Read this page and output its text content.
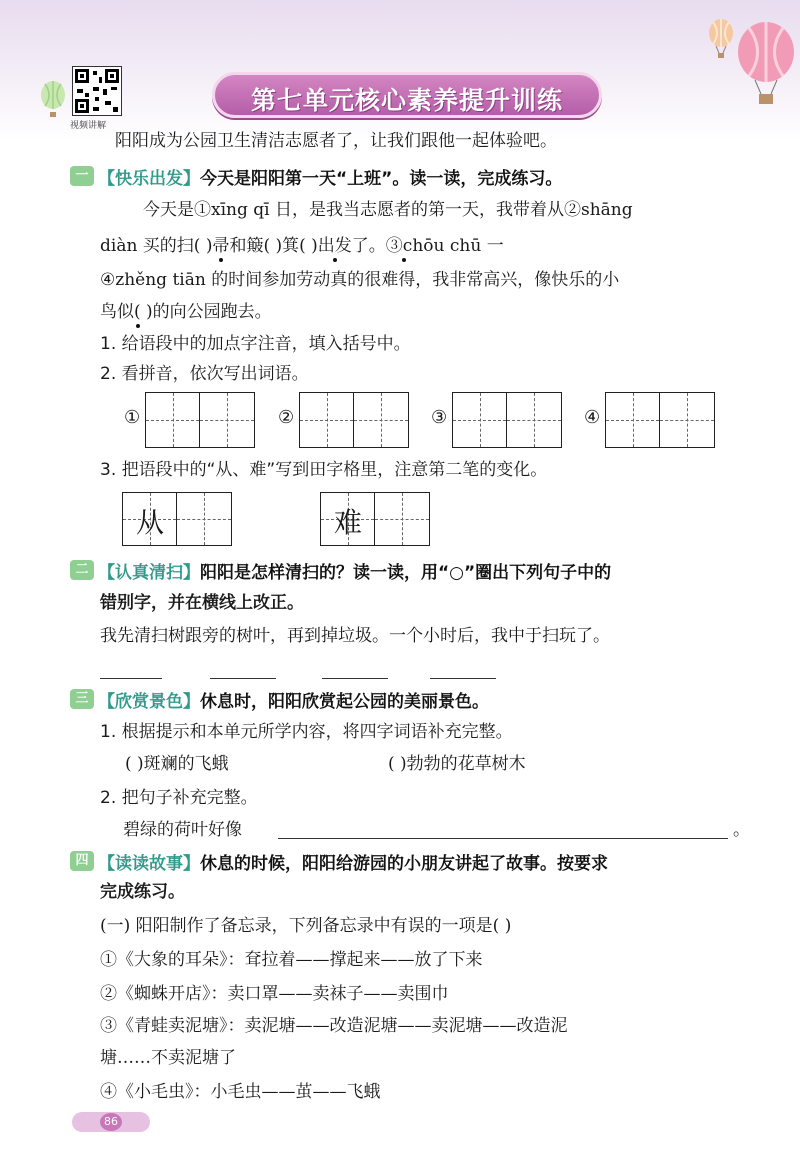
视频讲解
第七单元核心素养提升训练
阳阳成为公园卫生清洁志愿者了，让我们跟他一起体验吧。
一 【快乐出发】 今天是阳阳第一天“上班”。读一读，完成练习。
今天是①xīng qī 日，是我当志愿者的第一天，我带着从②shāng
diàn 买的扫( )帚和簸( )箕( )出发了。③chōu chū 一
④zhěng tiān 的时间参加劳动真的很难得，我非常高兴，像快乐的小
鸟似( )的向公园跑去。
1. 给语段中的加点字注音，填入括号中。
2. 看拼音，依次写出词语。
①	②	③	④
3. 把语段中的“从、难”写到田字格里，注意第二笔的变化。
从	难
二 【认真清扫】 阳阳是怎样清扫的？读一读，用“○”圈出下列句子中的
错别字，并在横线上改正。
我先清扫树跟旁的树叶，再到掉垃圾。一个小时后，我中于扫玩了。
三 【欣赏景色】 休息时，阳阳欣赏起公园的美丽景色。
1. 根据提示和本单元所学内容，将四字词语补充完整。
( )斑斓的飞蛾	( )勃勃的花草树木
2. 把句子补充完整。
碧绿的荷叶好像	。
四 【读读故事】 休息的时候，阳阳给游园的小朋友讲起了故事。按要求
完成练习。
(一) 阳阳制作了备忘录，下列备忘录中有误的一项是( )
①《大象的耳朵》：耷拉着——撑起来——放了下来
②《蜘蛛开店》：卖口罩——卖袜子——卖围巾
③《青蛙卖泥塘》：卖泥塘——改造泥塘——卖泥塘——改造泥
塘……不卖泥塘了
④《小毛虫》：小毛虫——茧——飞蛾
86
